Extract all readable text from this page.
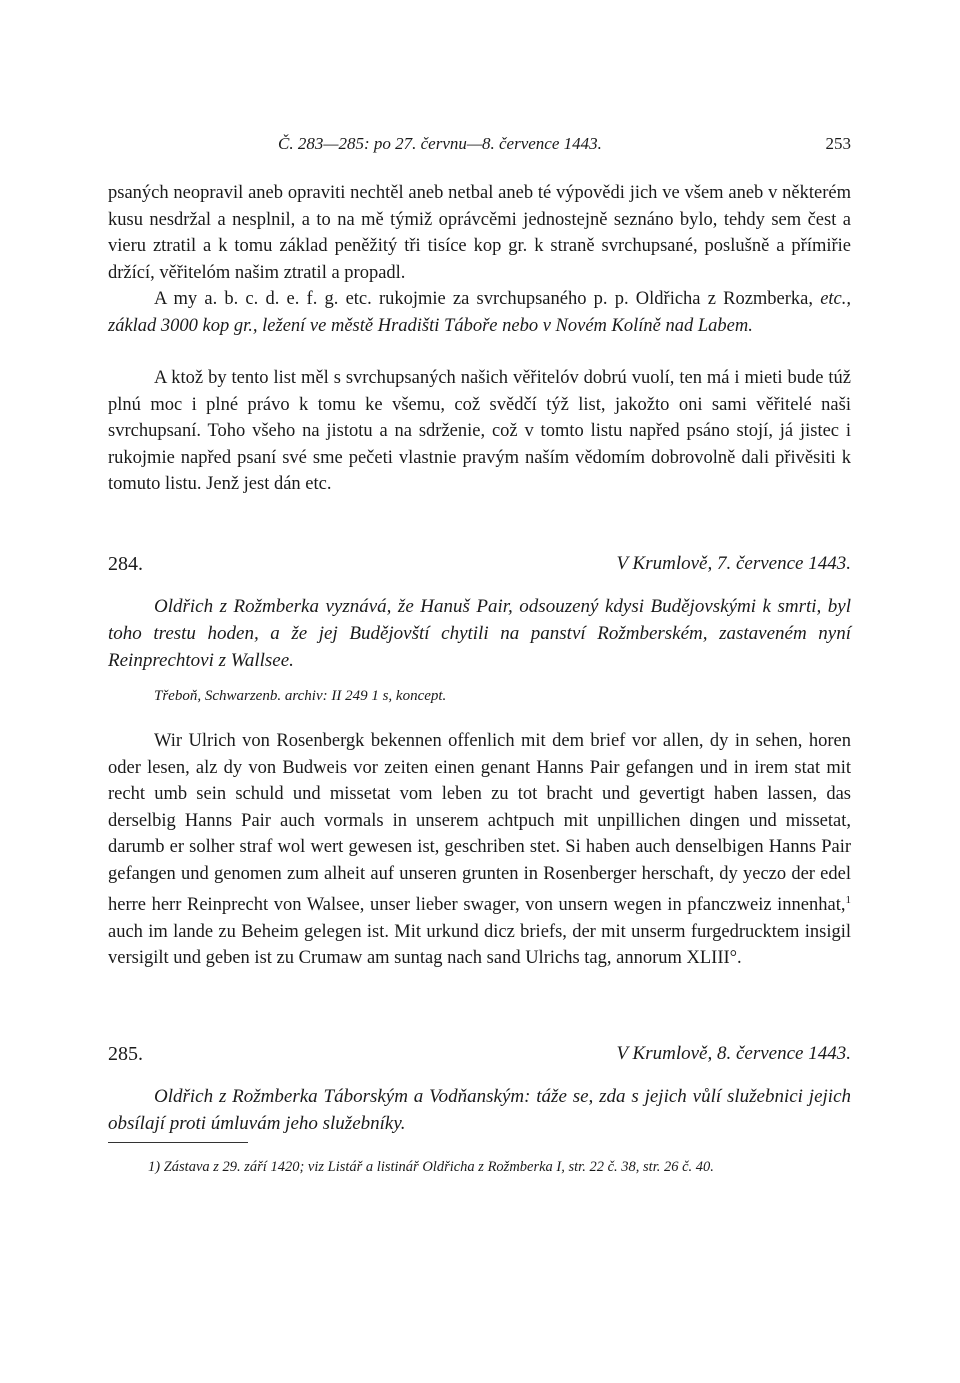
Č. 283—285: po 27. červnu—8. července 1443.	253

psaných neopravil aneb opraviti nechtěl aneb netbal aneb té výpovědi jich ve všem aneb v některém kusu nesdržal a nesplnil, a to na mě týmiž oprávcěmi jednostejně seznáno bylo, tehdy sem čest a vieru ztratil a k tomu základ peněžitý tři tisíce kop gr. k straně svrchupsané, poslušně a přímiřie držící, věřitelóm našim ztratil a propadl.

A my a. b. c. d. e. f. g. etc. rukojmie za svrchupsaného p. p. Oldřicha z Rozmberka, etc., základ 3000 kop gr., ležení ve městě Hradišti Táboře nebo v Novém Kolíně nad Labem.

A ktož by tento list měl s svrchupsaných našich věřitelóv dobrú vuolí, ten má i mieti bude túž plnú moc i plné právo k tomu ke všemu, což svědčí týž list, jakožto oni sami věřitelé naši svrchupsaní. Toho všeho na jistotu a na sdrženie, což v tomto listu napřed psáno stojí, já jistec i rukojmie napřed psaní své sme pečeti vlastnie pravým naším vědomím dobrovolně dali přivěsiti k tomuto listu. Jenž jest dán etc.

284.	V Krumlově, 7. července 1443.

Oldřich z Rožmberka vyznává, že Hanuš Pair, odsouzený kdysi Budějovskými k smrti, byl toho trestu hoden, a že jej Budějovští chytili na panství Rožmberském, zastaveném nyní Reinprechtovi z Wallsee.

Třeboň, Schwarzenb. archiv: II 249 1 s, koncept.

Wir Ulrich von Rosenbergk bekennen offenlich mit dem brief vor allen, dy in sehen, horen oder lesen, alz dy von Budweis vor zeiten einen genant Hanns Pair gefangen und in irem stat mit recht umb sein schuld und missetat vom leben zu tot bracht und gevertigt haben lassen, das derselbig Hanns Pair auch vormals in unserem achtpuch mit unpillichen dingen und missetat, darumb er solher straf wol wert gewesen ist, geschriben stet. Si haben auch denselbigen Hanns Pair gefangen und genomen zum alheit auf unseren grunten in Rosenberger herschaft, dy yeczo der edel herre herr Reinprecht von Walsee, unser lieber swager, von unsern wegen in pfanczweiz innenhat,$^1$ auch im lande zu Beheim gelegen ist. Mit urkund dicz briefs, der mit unserm furgedrucktem insigil versigilt und geben ist zu Crumaw am suntag nach sand Ulrichs tag, annorum XLIII°.

285.	V Krumlově, 8. července 1443.

Oldřich z Rožmberka Táborským a Vodňanským: táže se, zda s jejich vůlí služebnici jejich obsílají proti úmluvám jeho služebníky.

1) Zástava z 29. září 1420; viz Listář a listinář Oldřicha z Rožmberka I, str. 22 č. 38, str. 26 č. 40.
